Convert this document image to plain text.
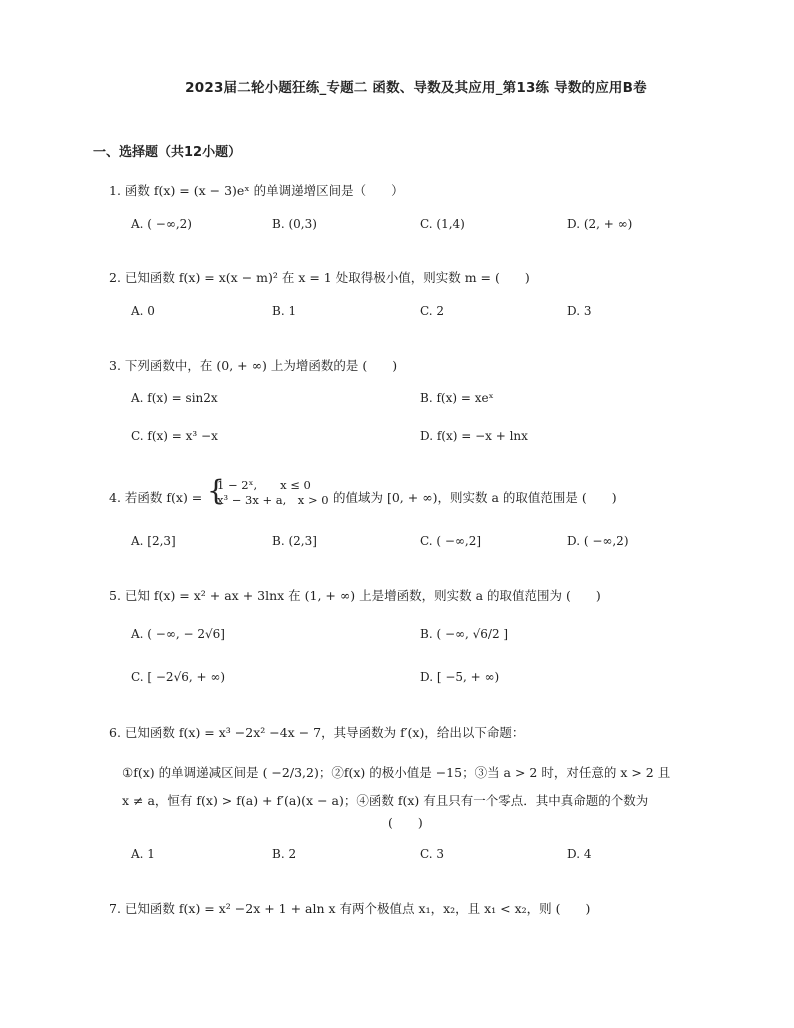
2023届二轮小题狂练_专题二 函数、导数及其应用_第13练 导数的应用B卷
一、选择题（共12小题）
1. 函数 f(x) = (x − 3)eˣ 的单调递增区间是（　　）
A. ( −∞,2)	B. (0,3)	C. (1,4)	D. (2, + ∞)
2. 已知函数 f(x) = x(x − m)² 在 x = 1 处取得极小值，则实数 m = (　　)
A. 0	B. 1	C. 2	D. 3
3. 下列函数中，在 (0, + ∞) 上为增函数的是 (　　)
A. f(x) = sin2x	B. f(x) = xeˣ
C. f(x) = x³ −x	D. f(x) = −x + lnx
4. 若函数 f(x) = {
1 − 2ˣ,　　x ≤ 0
x³ − 3x + a,　x > 0 的值域为 [0, + ∞)，则实数 a 的取值范围是 (　　)
A. [2,3]	B. (2,3]	C. ( −∞,2]	D. ( −∞,2)
5. 已知 f(x) = x² + ax + 3lnx 在 (1, + ∞) 上是增函数，则实数 a 的取值范围为 (　　)
A. ( −∞, − 2√6]	B. ( −∞, √6/2 ]
C. [ −2√6, + ∞)	D. [ −5, + ∞)
6. 已知函数 f(x) = x³ −2x² −4x − 7，其导函数为 f′(x)，给出以下命题：
①f(x) 的单调递减区间是 ( −2/3,2)；②f(x) 的极小值是 −15；③当 a > 2 时，对任意的 x > 2 且
x ≠ a，恒有 f(x) > f(a) + f′(a)(x − a)；④函数 f(x) 有且只有一个零点．其中真命题的个数为
(　　)
A. 1	B. 2	C. 3	D. 4
7. 已知函数 f(x) = x² −2x + 1 + aln x 有两个极值点 x₁，x₂，且 x₁ < x₂，则 (　　)
